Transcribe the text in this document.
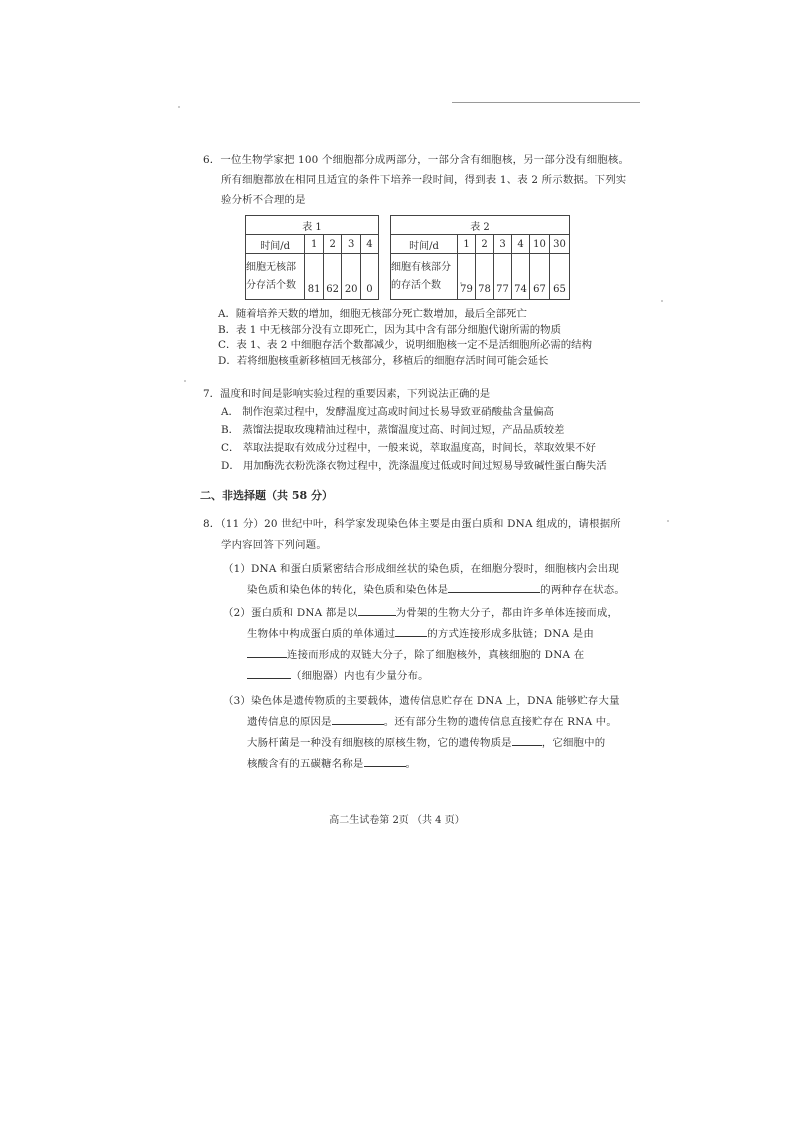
6．一位生物学家把 100 个细胞都分成两部分，一部分含有细胞核，另一部分没有细胞核。
所有细胞都放在相同且适宜的条件下培养一段时间，得到表 1、表 2 所示数据。下列实
验分析不合理的是
表 1				
时间/d	1	2	3	4

细胞无核部
分存活个数	81	62	20	0
表 2						
时间/d	1	2	3	4	10	30

细胞有核部分
的存活个数	79	78	77	74	67	65
A．随着培养天数的增加，细胞无核部分死亡数增加，最后全部死亡
B．表 1 中无核部分没有立即死亡，因为其中含有部分细胞代谢所需的物质
C．表 1、表 2 中细胞存活个数都减少，说明细胞核一定不是活细胞所必需的结构
D．若将细胞核重新移植回无核部分，移植后的细胞存活时间可能会延长
7．温度和时间是影响实验过程的重要因素，下列说法正确的是
A． 制作泡菜过程中，发酵温度过高或时间过长易导致亚硝酸盐含量偏高
B． 蒸馏法提取玫瑰精油过程中，蒸馏温度过高、时间过短，产品品质较差
C． 萃取法提取有效成分过程中，一般来说，萃取温度高，时间长，萃取效果不好
D． 用加酶洗衣粉洗涤衣物过程中，洗涤温度过低或时间过短易导致碱性蛋白酶失活
二、非选择题（共 58 分）
8．（11 分）20 世纪中叶，科学家发现染色体主要是由蛋白质和 DNA 组成的，请根据所
学内容回答下列问题。
（1）DNA 和蛋白质紧密结合形成细丝状的染色质，在细胞分裂时，细胞核内会出现
染色质和染色体的转化，染色质和染色体是	的两种存在状态。
（2）蛋白质和 DNA 都是以	为骨架的生物大分子，都由许多单体连接而成，
生物体中构成蛋白质的单体通过	的方式连接形成多肽链；DNA 是由
连接而形成的双链大分子，除了细胞核外，真核细胞的 DNA 在
（细胞器）内也有少量分布。
（3）染色体是遗传物质的主要载体，遗传信息贮存在 DNA 上，DNA 能够贮存大量
遗传信息的原因是	。还有部分生物的遗传信息直接贮存在 RNA 中。
大肠杆菌是一种没有细胞核的原核生物，它的遗传物质是	，它细胞中的
核酸含有的五碳糖名称是	。
高二生试卷第 2页 （共 4 页）
